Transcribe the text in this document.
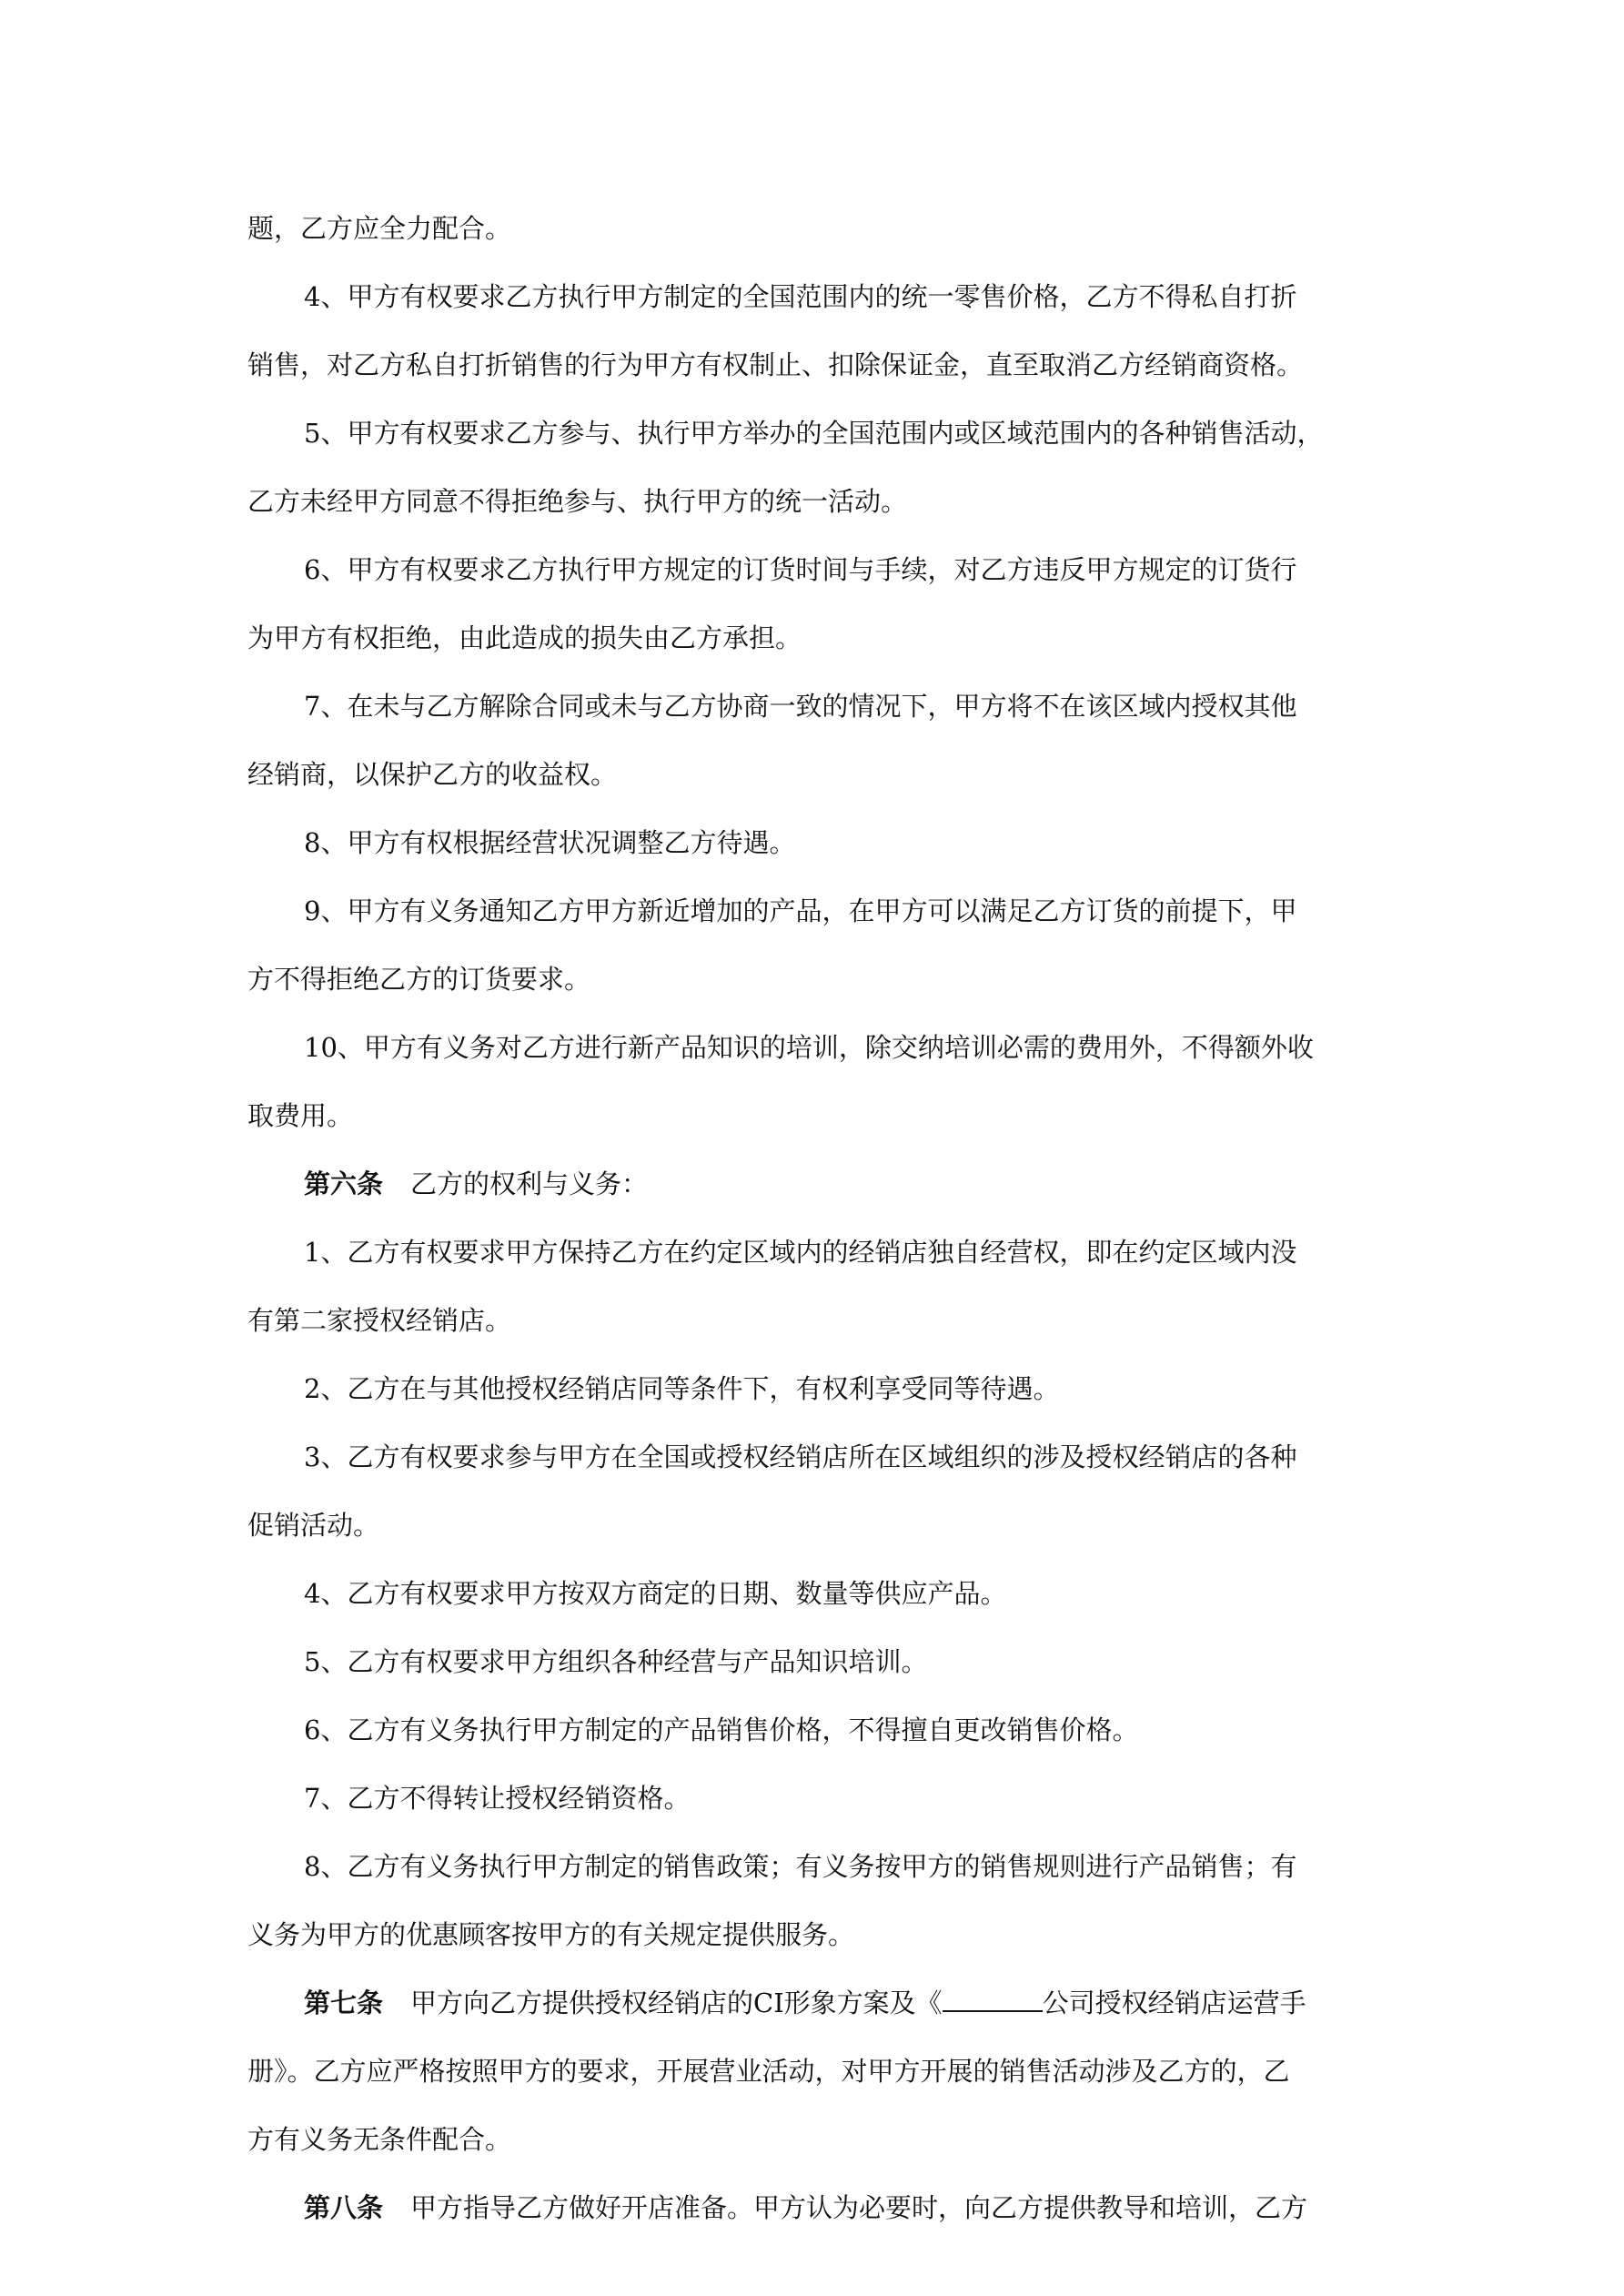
题，乙方应全力配合。
4、甲方有权要求乙方执行甲方制定的全国范围内的统一零售价格，乙方不得私自打折
销售，对乙方私自打折销售的行为甲方有权制止、扣除保证金，直至取消乙方经销商资格。
5、甲方有权要求乙方参与、执行甲方举办的全国范围内或区域范围内的各种销售活动，
乙方未经甲方同意不得拒绝参与、执行甲方的统一活动。
6、甲方有权要求乙方执行甲方规定的订货时间与手续，对乙方违反甲方规定的订货行
为甲方有权拒绝，由此造成的损失由乙方承担。
7、在未与乙方解除合同或未与乙方协商一致的情况下，甲方将不在该区域内授权其他
经销商，以保护乙方的收益权。
8、甲方有权根据经营状况调整乙方待遇。
9、甲方有义务通知乙方甲方新近增加的产品，在甲方可以满足乙方订货的前提下，甲
方不得拒绝乙方的订货要求。
10、甲方有义务对乙方进行新产品知识的培训，除交纳培训必需的费用外，不得额外收
取费用。
第六条 乙方的权利与义务：
1、乙方有权要求甲方保持乙方在约定区域内的经销店独自经营权，即在约定区域内没
有第二家授权经销店。
2、乙方在与其他授权经销店同等条件下，有权利享受同等待遇。
3、乙方有权要求参与甲方在全国或授权经销店所在区域组织的涉及授权经销店的各种
促销活动。
4、乙方有权要求甲方按双方商定的日期、数量等供应产品。
5、乙方有权要求甲方组织各种经营与产品知识培训。
6、乙方有义务执行甲方制定的产品销售价格，不得擅自更改销售价格。
7、乙方不得转让授权经销资格。
8、乙方有义务执行甲方制定的销售政策；有义务按甲方的销售规则进行产品销售；有
义务为甲方的优惠顾客按甲方的有关规定提供服务。
第七条 甲方向乙方提供授权经销店的CI形象方案及《	公司授权经销店运营手
册》。乙方应严格按照甲方的要求，开展营业活动，对甲方开展的销售活动涉及乙方的，乙
方有义务无条件配合。
第八条 甲方指导乙方做好开店准备。甲方认为必要时，向乙方提供教导和培训，乙方
